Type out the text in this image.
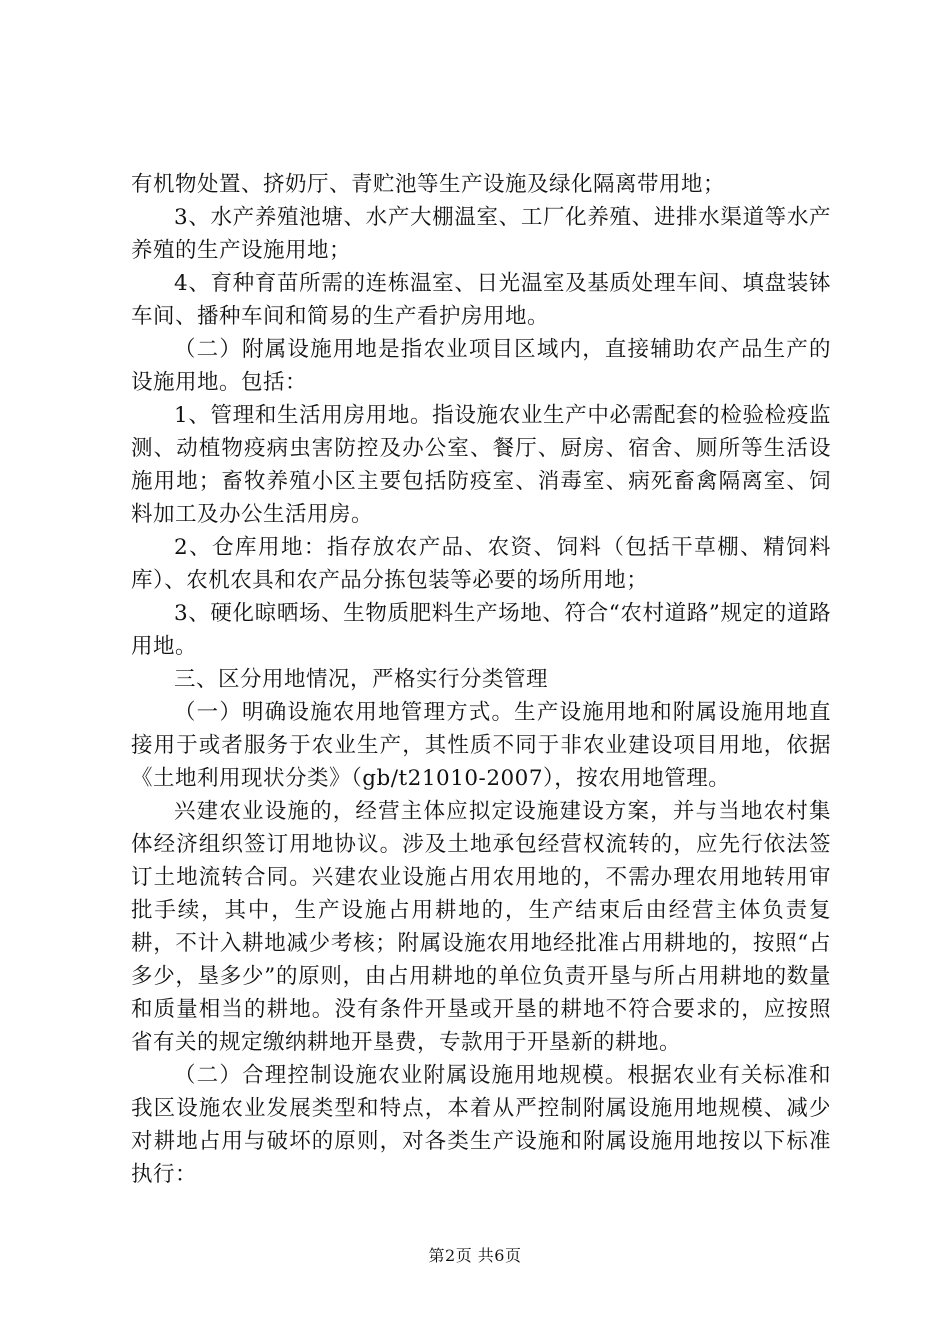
有机物处置、挤奶厅、青贮池等生产设施及绿化隔离带用地；

3、水产养殖池塘、水产大棚温室、工厂化养殖、进排水渠道等水产养殖的生产设施用地；

4、育种育苗所需的连栋温室、日光温室及基质处理车间、填盘装钵车间、播种车间和简易的生产看护房用地。

（二）附属设施用地是指农业项目区域内，直接辅助农产品生产的设施用地。包括：

1、管理和生活用房用地。指设施农业生产中必需配套的检验检疫监测、动植物疫病虫害防控及办公室、餐厅、厨房、宿舍、厕所等生活设施用地；畜牧养殖小区主要包括防疫室、消毒室、病死畜禽隔离室、饲料加工及办公生活用房。

2、仓库用地：指存放农产品、农资、饲料（包括干草棚、精饲料库）、农机农具和农产品分拣包装等必要的场所用地；

3、硬化晾晒场、生物质肥料生产场地、符合“农村道路”规定的道路用地。

三、区分用地情况，严格实行分类管理

（一）明确设施农用地管理方式。生产设施用地和附属设施用地直接用于或者服务于农业生产，其性质不同于非农业建设项目用地，依据《土地利用现状分类》（gb/t21010-2007），按农用地管理。

兴建农业设施的，经营主体应拟定设施建设方案，并与当地农村集体经济组织签订用地协议。涉及土地承包经营权流转的，应先行依法签订土地流转合同。兴建农业设施占用农用地的，不需办理农用地转用审批手续，其中，生产设施占用耕地的，生产结束后由经营主体负责复耕，不计入耕地减少考核；附属设施农用地经批准占用耕地的，按照“占多少，垦多少”的原则，由占用耕地的单位负责开垦与所占用耕地的数量和质量相当的耕地。没有条件开垦或开垦的耕地不符合要求的，应按照省有关的规定缴纳耕地开垦费，专款用于开垦新的耕地。

（二）合理控制设施农业附属设施用地规模。根据农业有关标准和我区设施农业发展类型和特点，本着从严控制附属设施用地规模、减少对耕地占用与破坏的原则，对各类生产设施和附属设施用地按以下标准执行：

第2页 共6页
